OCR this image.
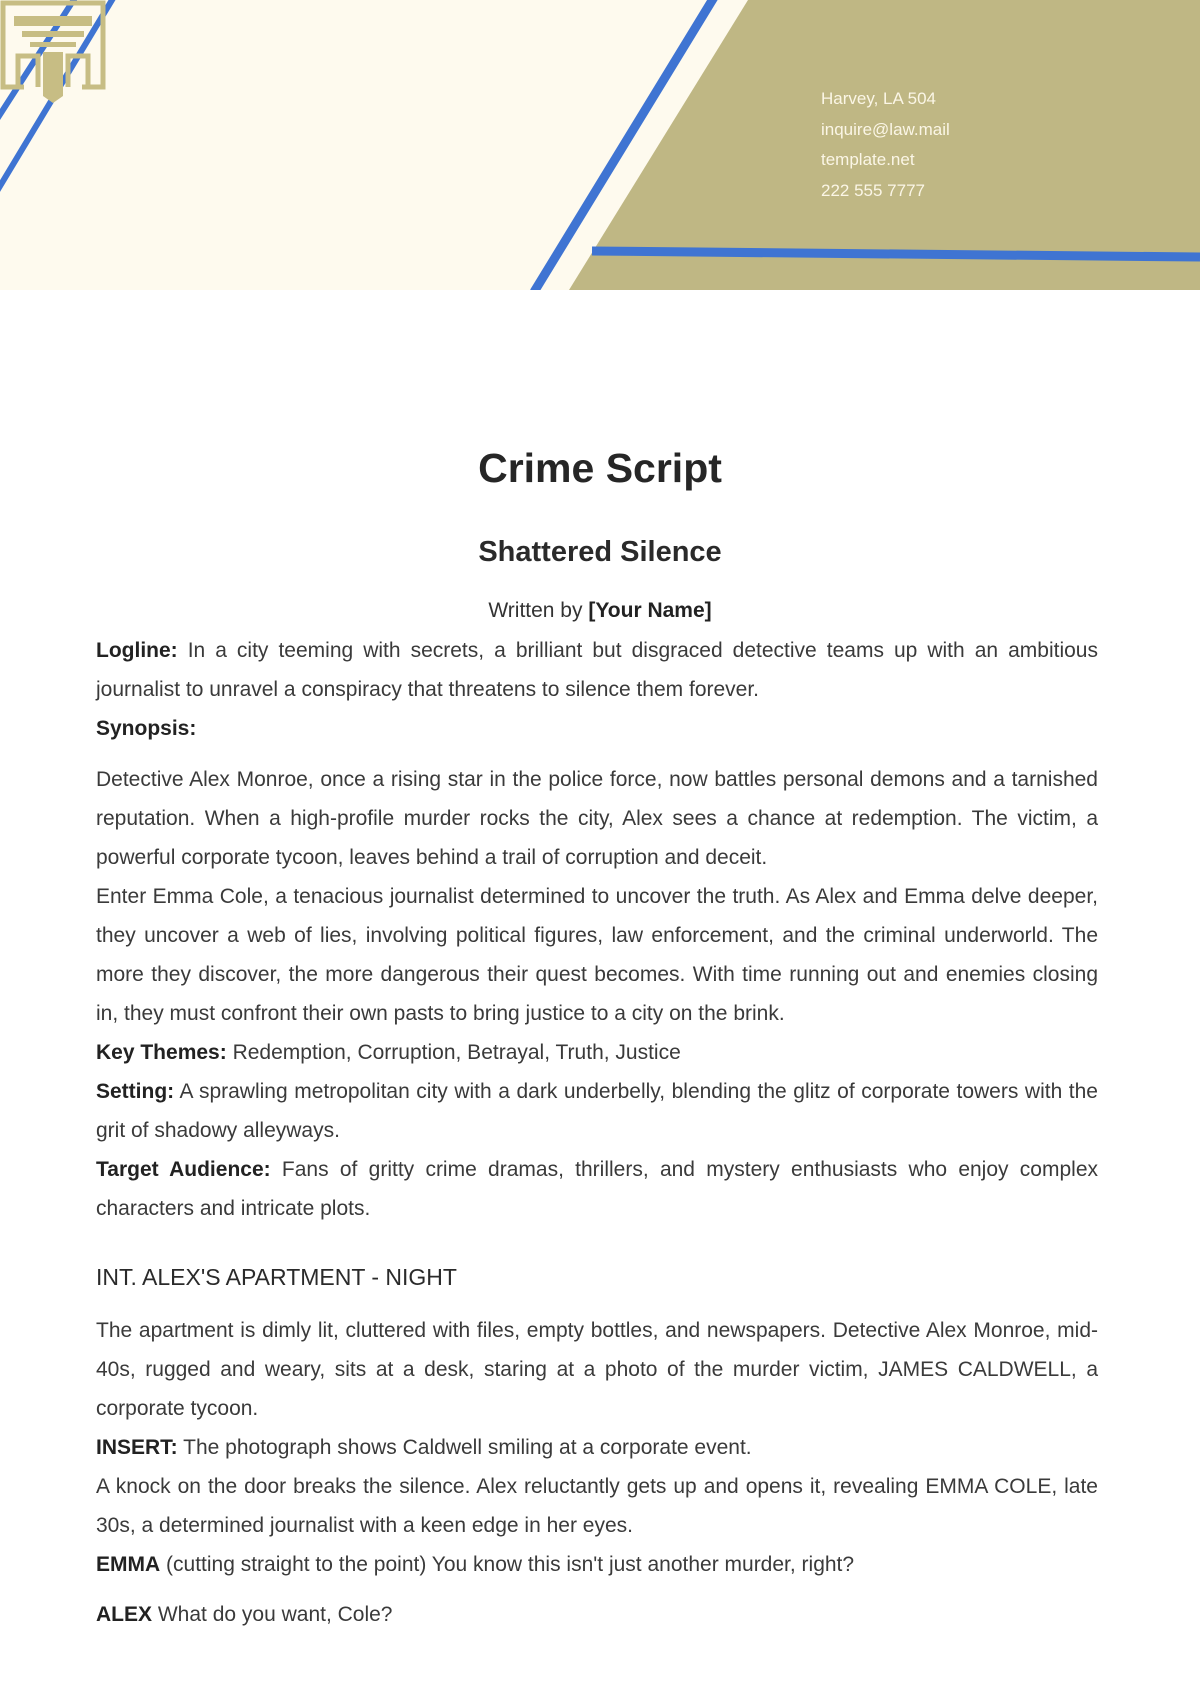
Harvey, LA 504
inquire@law.mail
template.net
222 555 7777
Crime Script
Shattered Silence
Written by [Your Name]

Logline: In a city teeming with secrets, a brilliant but disgraced detective teams up with an ambitious journalist to unravel a conspiracy that threatens to silence them forever.

Synopsis:

Detective Alex Monroe, once a rising star in the police force, now battles personal demons and a tarnished reputation. When a high-profile murder rocks the city, Alex sees a chance at redemption. The victim, a powerful corporate tycoon, leaves behind a trail of corruption and deceit.

Enter Emma Cole, a tenacious journalist determined to uncover the truth. As Alex and Emma delve deeper, they uncover a web of lies, involving political figures, law enforcement, and the criminal underworld. The more they discover, the more dangerous their quest becomes. With time running out and enemies closing in, they must confront their own pasts to bring justice to a city on the brink.

Key Themes: Redemption, Corruption, Betrayal, Truth, Justice

Setting: A sprawling metropolitan city with a dark underbelly, blending the glitz of corporate towers with the grit of shadowy alleyways.

Target Audience: Fans of gritty crime dramas, thrillers, and mystery enthusiasts who enjoy complex characters and intricate plots.

INT. ALEX'S APARTMENT - NIGHT

The apartment is dimly lit, cluttered with files, empty bottles, and newspapers. Detective Alex Monroe, mid-40s, rugged and weary, sits at a desk, staring at a photo of the murder victim, JAMES CALDWELL, a corporate tycoon.

INSERT: The photograph shows Caldwell smiling at a corporate event.

A knock on the door breaks the silence. Alex reluctantly gets up and opens it, revealing EMMA COLE, late 30s, a determined journalist with a keen edge in her eyes.

EMMA (cutting straight to the point) You know this isn't just another murder, right?

ALEX What do you want, Cole?
